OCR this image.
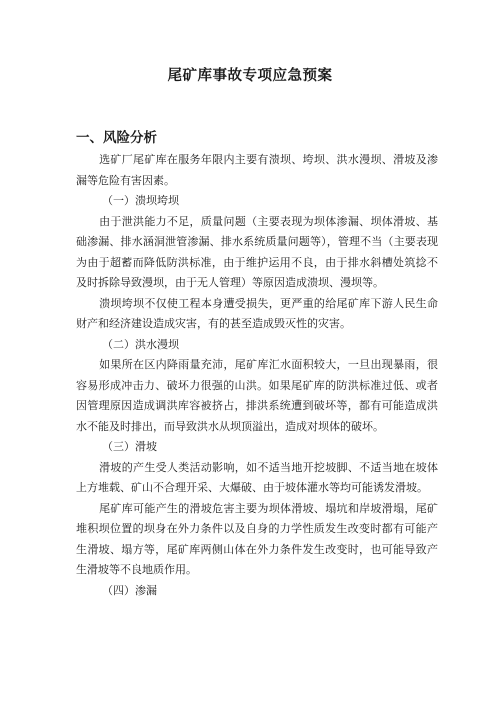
尾矿库事故专项应急预案
一、风险分析

选矿厂尾矿库在服务年限内主要有溃坝、垮坝、洪水漫坝、滑坡及渗漏等危险有害因素。

（一）溃坝垮坝

由于泄洪能力不足，质量问题（主要表现为坝体渗漏、坝体滑坡、基础渗漏、排水涵洞泄管渗漏、排水系统质量问题等），管理不当（主要表现为由于超蓄而降低防洪标准，由于维护运用不良，由于排水斜槽处筑捻不及时拆除导致漫坝，由于无人管理）等原因造成溃坝、漫坝等。

溃坝垮坝不仅使工程本身遭受损失，更严重的给尾矿库下游人民生命财产和经济建设造成灾害，有的甚至造成毁灭性的灾害。

（二）洪水漫坝

如果所在区内降雨量充沛，尾矿库汇水面积较大，一旦出现暴雨，很容易形成冲击力、破坏力很强的山洪。如果尾矿库的防洪标准过低、或者因管理原因造成调洪库容被挤占，排洪系统遭到破坏等，都有可能造成洪水不能及时排出，而导致洪水从坝顶溢出，造成对坝体的破坏。

（三）滑坡

滑坡的产生受人类活动影响，如不适当地开挖坡脚、不适当地在坡体上方堆载、矿山不合理开采、大爆破、由于坡体灌水等均可能诱发滑坡。

尾矿库可能产生的滑坡危害主要为坝体滑坡、塌坑和岸坡滑塌，尾矿堆积坝位置的坝身在外力条件以及自身的力学性质发生改变时都有可能产生滑坡、塌方等，尾矿库两侧山体在外力条件发生改变时，也可能导致产生滑坡等不良地质作用。

（四）渗漏
